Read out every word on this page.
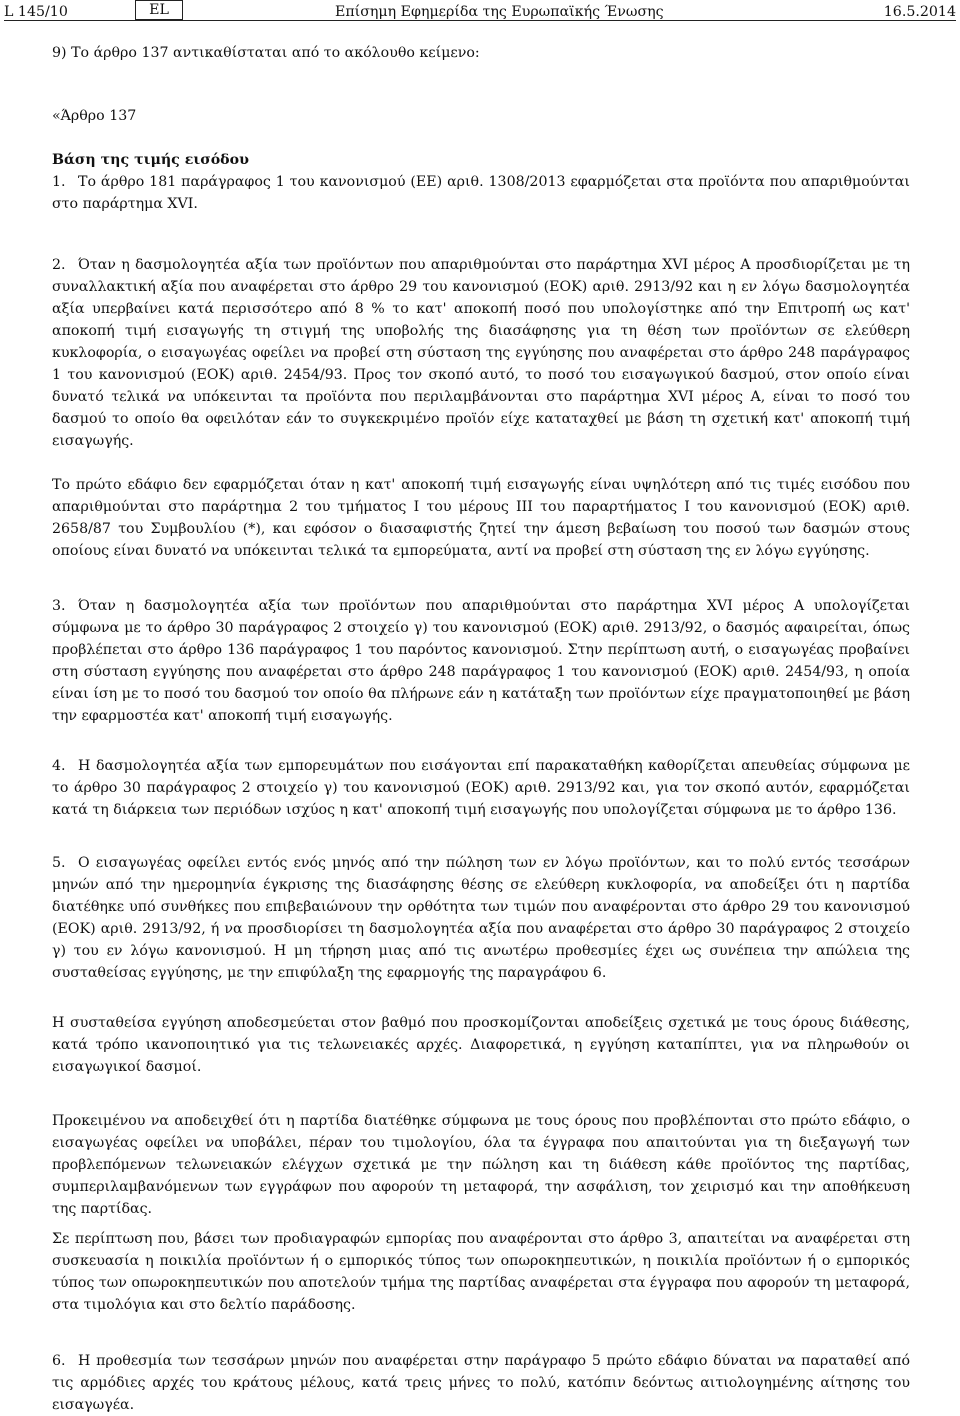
L 145/10	EL	Επίσημη Εφημερίδα της Ευρωπαϊκής Ένωσης	16.5.2014

9) Το άρθρο 137 αντικαθίσταται από το ακόλουθο κείμενο:

«Άρθρο 137

Βάση της τιμής εισόδου

1. Το άρθρο 181 παράγραφος 1 του κανονισμού (ΕΕ) αριθ. 1308/2013 εφαρμόζεται στα προϊόντα που απαριθμούνται στο παράρτημα XVI.

2. Όταν η δασμολογητέα αξία των προϊόντων που απαριθμούνται στο παράρτημα XVI μέρος A προσδιορίζεται με τη συναλλακτική αξία που αναφέρεται στο άρθρο 29 του κανονισμού (ΕΟΚ) αριθ. 2913/92 και η εν λόγω δασμολογητέα αξία υπερβαίνει κατά περισσότερο από 8 % το κατ' αποκοπή ποσό που υπολογίστηκε από την Επιτροπή ως κατ' αποκοπή τιμή εισαγωγής τη στιγμή της υποβολής της διασάφησης για τη θέση των προϊόντων σε ελεύθερη κυκλοφορία, ο εισαγωγέας οφείλει να προβεί στη σύσταση της εγγύησης που αναφέρεται στο άρθρο 248 παράγραφος 1 του κανονισμού (ΕΟΚ) αριθ. 2454/93. Προς τον σκοπό αυτό, το ποσό του εισαγωγικού δασμού, στον οποίο είναι δυνατό τελικά να υπόκεινται τα προϊόντα που περιλαμβάνονται στο παράρτημα XVI μέρος A, είναι το ποσό του δασμού το οποίο θα οφειλόταν εάν το συγκεκριμένο προϊόν είχε καταταχθεί με βάση τη σχετική κατ' αποκοπή τιμή εισαγωγής.

Το πρώτο εδάφιο δεν εφαρμόζεται όταν η κατ' αποκοπή τιμή εισαγωγής είναι υψηλότερη από τις τιμές εισόδου που απαριθμούνται στο παράρτημα 2 του τμήματος I του μέρους III του παραρτήματος I του κανονισμού (ΕΟΚ) αριθ. 2658/87 του Συμβουλίου (*), και εφόσον ο διασαφιστής ζητεί την άμεση βεβαίωση του ποσού των δασμών στους οποίους είναι δυνατό να υπόκεινται τελικά τα εμπορεύματα, αντί να προβεί στη σύσταση της εν λόγω εγγύησης.

3. Όταν η δασμολογητέα αξία των προϊόντων που απαριθμούνται στο παράρτημα XVI μέρος A υπολογίζεται σύμφωνα με το άρθρο 30 παράγραφος 2 στοιχείο γ) του κανονισμού (ΕΟΚ) αριθ. 2913/92, ο δασμός αφαιρείται, όπως προβλέπεται στο άρθρο 136 παράγραφος 1 του παρόντος κανονισμού. Στην περίπτωση αυτή, ο εισαγωγέας προβαίνει στη σύσταση εγγύησης που αναφέρεται στο άρθρο 248 παράγραφος 1 του κανονισμού (ΕΟΚ) αριθ. 2454/93, η οποία είναι ίση με το ποσό του δασμού τον οποίο θα πλήρωνε εάν η κατάταξη των προϊόντων είχε πραγματοποιηθεί με βάση την εφαρμοστέα κατ' αποκοπή τιμή εισαγωγής.

4. Η δασμολογητέα αξία των εμπορευμάτων που εισάγονται επί παρακαταθήκη καθορίζεται απευθείας σύμφωνα με το άρθρο 30 παράγραφος 2 στοιχείο γ) του κανονισμού (ΕΟΚ) αριθ. 2913/92 και, για τον σκοπό αυτόν, εφαρμόζεται κατά τη διάρκεια των περιόδων ισχύος η κατ' αποκοπή τιμή εισαγωγής που υπολογίζεται σύμφωνα με το άρθρο 136.

5. Ο εισαγωγέας οφείλει εντός ενός μηνός από την πώληση των εν λόγω προϊόντων, και το πολύ εντός τεσσάρων μηνών από την ημερομηνία έγκρισης της διασάφησης θέσης σε ελεύθερη κυκλοφορία, να αποδείξει ότι η παρτίδα διατέθηκε υπό συνθήκες που επιβεβαιώνουν την ορθότητα των τιμών που αναφέρονται στο άρθρο 29 του κανονισμού (ΕΟΚ) αριθ. 2913/92, ή να προσδιορίσει τη δασμολογητέα αξία που αναφέρεται στο άρθρο 30 παράγραφος 2 στοιχείο γ) του εν λόγω κανονισμού. Η μη τήρηση μιας από τις ανωτέρω προθεσμίες έχει ως συνέπεια την απώλεια της συσταθείσας εγγύησης, με την επιφύλαξη της εφαρμογής της παραγράφου 6.

Η συσταθείσα εγγύηση αποδεσμεύεται στον βαθμό που προσκομίζονται αποδείξεις σχετικά με τους όρους διάθεσης, κατά τρόπο ικανοποιητικό για τις τελωνειακές αρχές. Διαφορετικά, η εγγύηση καταπίπτει, για να πληρωθούν οι εισαγωγικοί δασμοί.

Προκειμένου να αποδειχθεί ότι η παρτίδα διατέθηκε σύμφωνα με τους όρους που προβλέπονται στο πρώτο εδάφιο, ο εισαγωγέας οφείλει να υποβάλει, πέραν του τιμολογίου, όλα τα έγγραφα που απαιτούνται για τη διεξαγωγή των προβλεπόμενων τελωνειακών ελέγχων σχετικά με την πώληση και τη διάθεση κάθε προϊόντος της παρτίδας, συμπεριλαμβανόμενων των εγγράφων που αφορούν τη μεταφορά, την ασφάλιση, τον χειρισμό και την αποθήκευση της παρτίδας.

Σε περίπτωση που, βάσει των προδιαγραφών εμπορίας που αναφέρονται στο άρθρο 3, απαιτείται να αναφέρεται στη συσκευασία η ποικιλία προϊόντων ή ο εμπορικός τύπος των οπωροκηπευτικών, η ποικιλία προϊόντων ή ο εμπορικός τύπος των οπωροκηπευτικών που αποτελούν τμήμα της παρτίδας αναφέρεται στα έγγραφα που αφορούν τη μεταφορά, στα τιμολόγια και στο δελτίο παράδοσης.

6. Η προθεσμία των τεσσάρων μηνών που αναφέρεται στην παράγραφο 5 πρώτο εδάφιο δύναται να παραταθεί από τις αρμόδιες αρχές του κράτους μέλους, κατά τρεις μήνες το πολύ, κατόπιν δεόντως αιτιολογημένης αίτησης του εισαγωγέα.
